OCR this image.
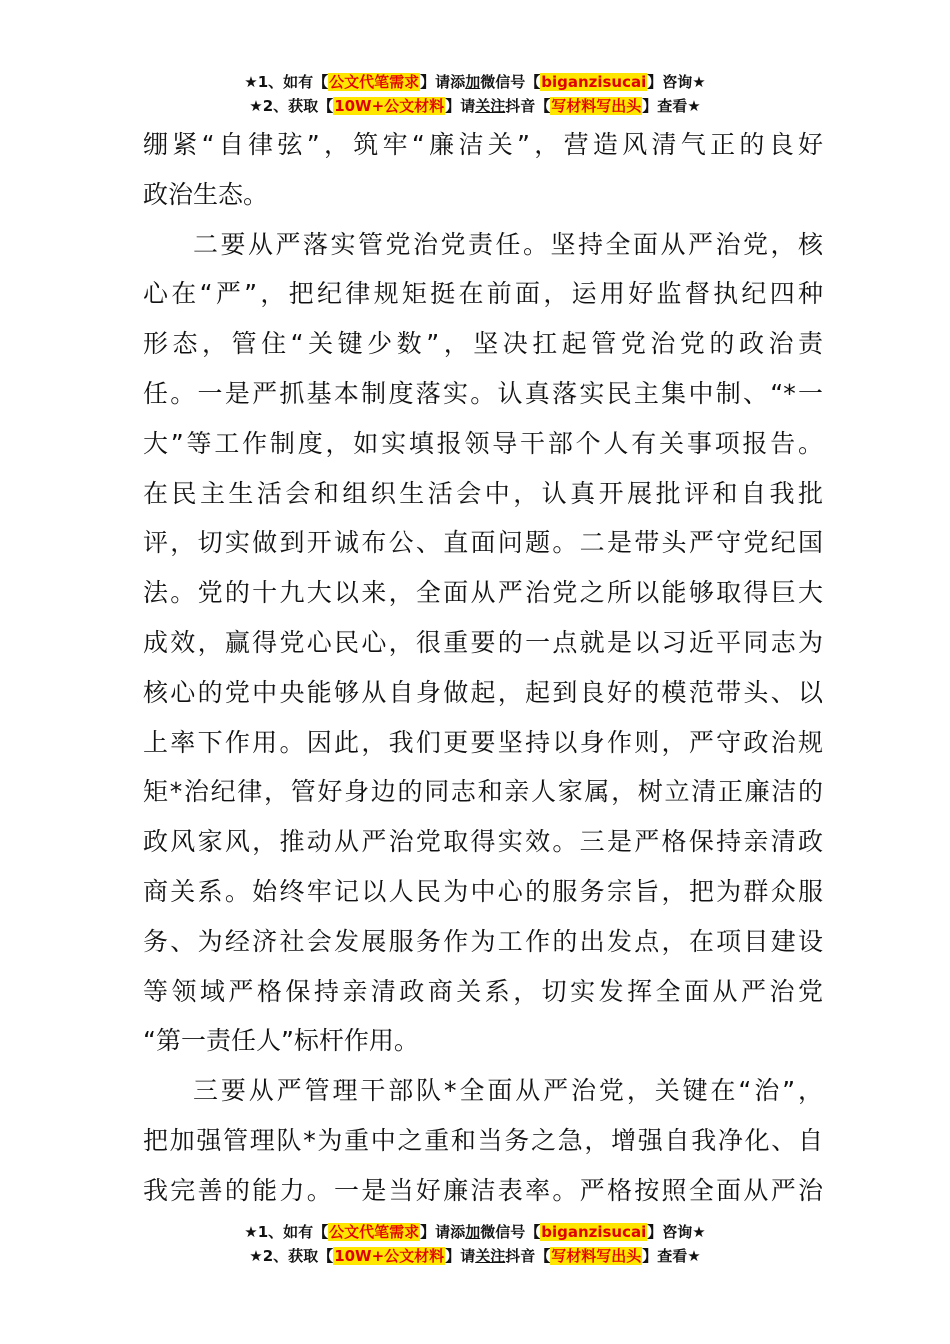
★1、如有【公文代笔需求】请添加微信号【biganzisucai】咨询★
★2、获取【10W+公文材料】请关注抖音【写材料写出头】查看★
绷紧“自律弦”，筑牢“廉洁关”，营造风清气正的良好
政治生态。
二要从严落实管党治党责任。坚持全面从严治党，核
心在“严”，把纪律规矩挺在前面，运用好监督执纪四种
形态，管住“关键少数”，坚决扛起管党治党的政治责
任。一是严抓基本制度落实。认真落实民主集中制、“*一
大”等工作制度，如实填报领导干部个人有关事项报告。
在民主生活会和组织生活会中，认真开展批评和自我批
评，切实做到开诚布公、直面问题。二是带头严守党纪国
法。党的十九大以来，全面从严治党之所以能够取得巨大
成效，赢得党心民心，很重要的一点就是以习近平同志为
核心的党中央能够从自身做起，起到良好的模范带头、以
上率下作用。因此，我们更要坚持以身作则，严守政治规
矩*治纪律，管好身边的同志和亲人家属，树立清正廉洁的
政风家风，推动从严治党取得实效。三是严格保持亲清政
商关系。始终牢记以人民为中心的服务宗旨，把为群众服
务、为经济社会发展服务作为工作的出发点，在项目建设
等领域严格保持亲清政商关系，切实发挥全面从严治党
“第一责任人”标杆作用。
三要从严管理干部队*全面从严治党，关键在“治”，
把加强管理队*为重中之重和当务之急，增强自我净化、自
我完善的能力。一是当好廉洁表率。严格按照全面从严治
★1、如有【公文代笔需求】请添加微信号【biganzisucai】咨询★
★2、获取【10W+公文材料】请关注抖音【写材料写出头】查看★
